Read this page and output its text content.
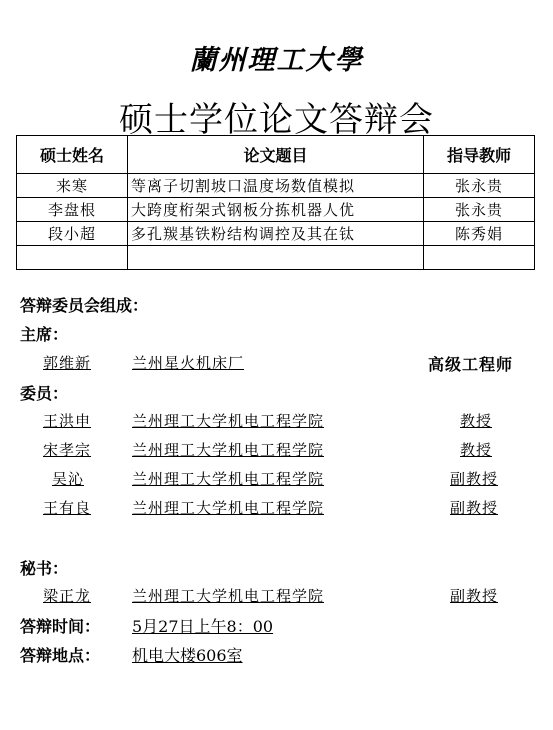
蘭州理工大學
硕士学位论文答辩会
硕士姓名	论文题目	指导教师
来寒	等离子切割坡口温度场数值模拟	张永贵
李盘根	大跨度桁架式钢板分拣机器人优	张永贵
段小超	多孔羰基铁粉结构调控及其在钛	陈秀娟

答辩委员会组成：
主席：
郭维新	兰州星火机床厂	高级工程师
委员：
王洪申	兰州理工大学机电工程学院	教授
宋孝宗	兰州理工大学机电工程学院	教授
吴沁	兰州理工大学机电工程学院	副教授
王有良	兰州理工大学机电工程学院	副教授
秘书：
梁正龙	兰州理工大学机电工程学院	副教授
答辩时间： 5月27日上午8：00
答辩地点： 机电大楼606室
